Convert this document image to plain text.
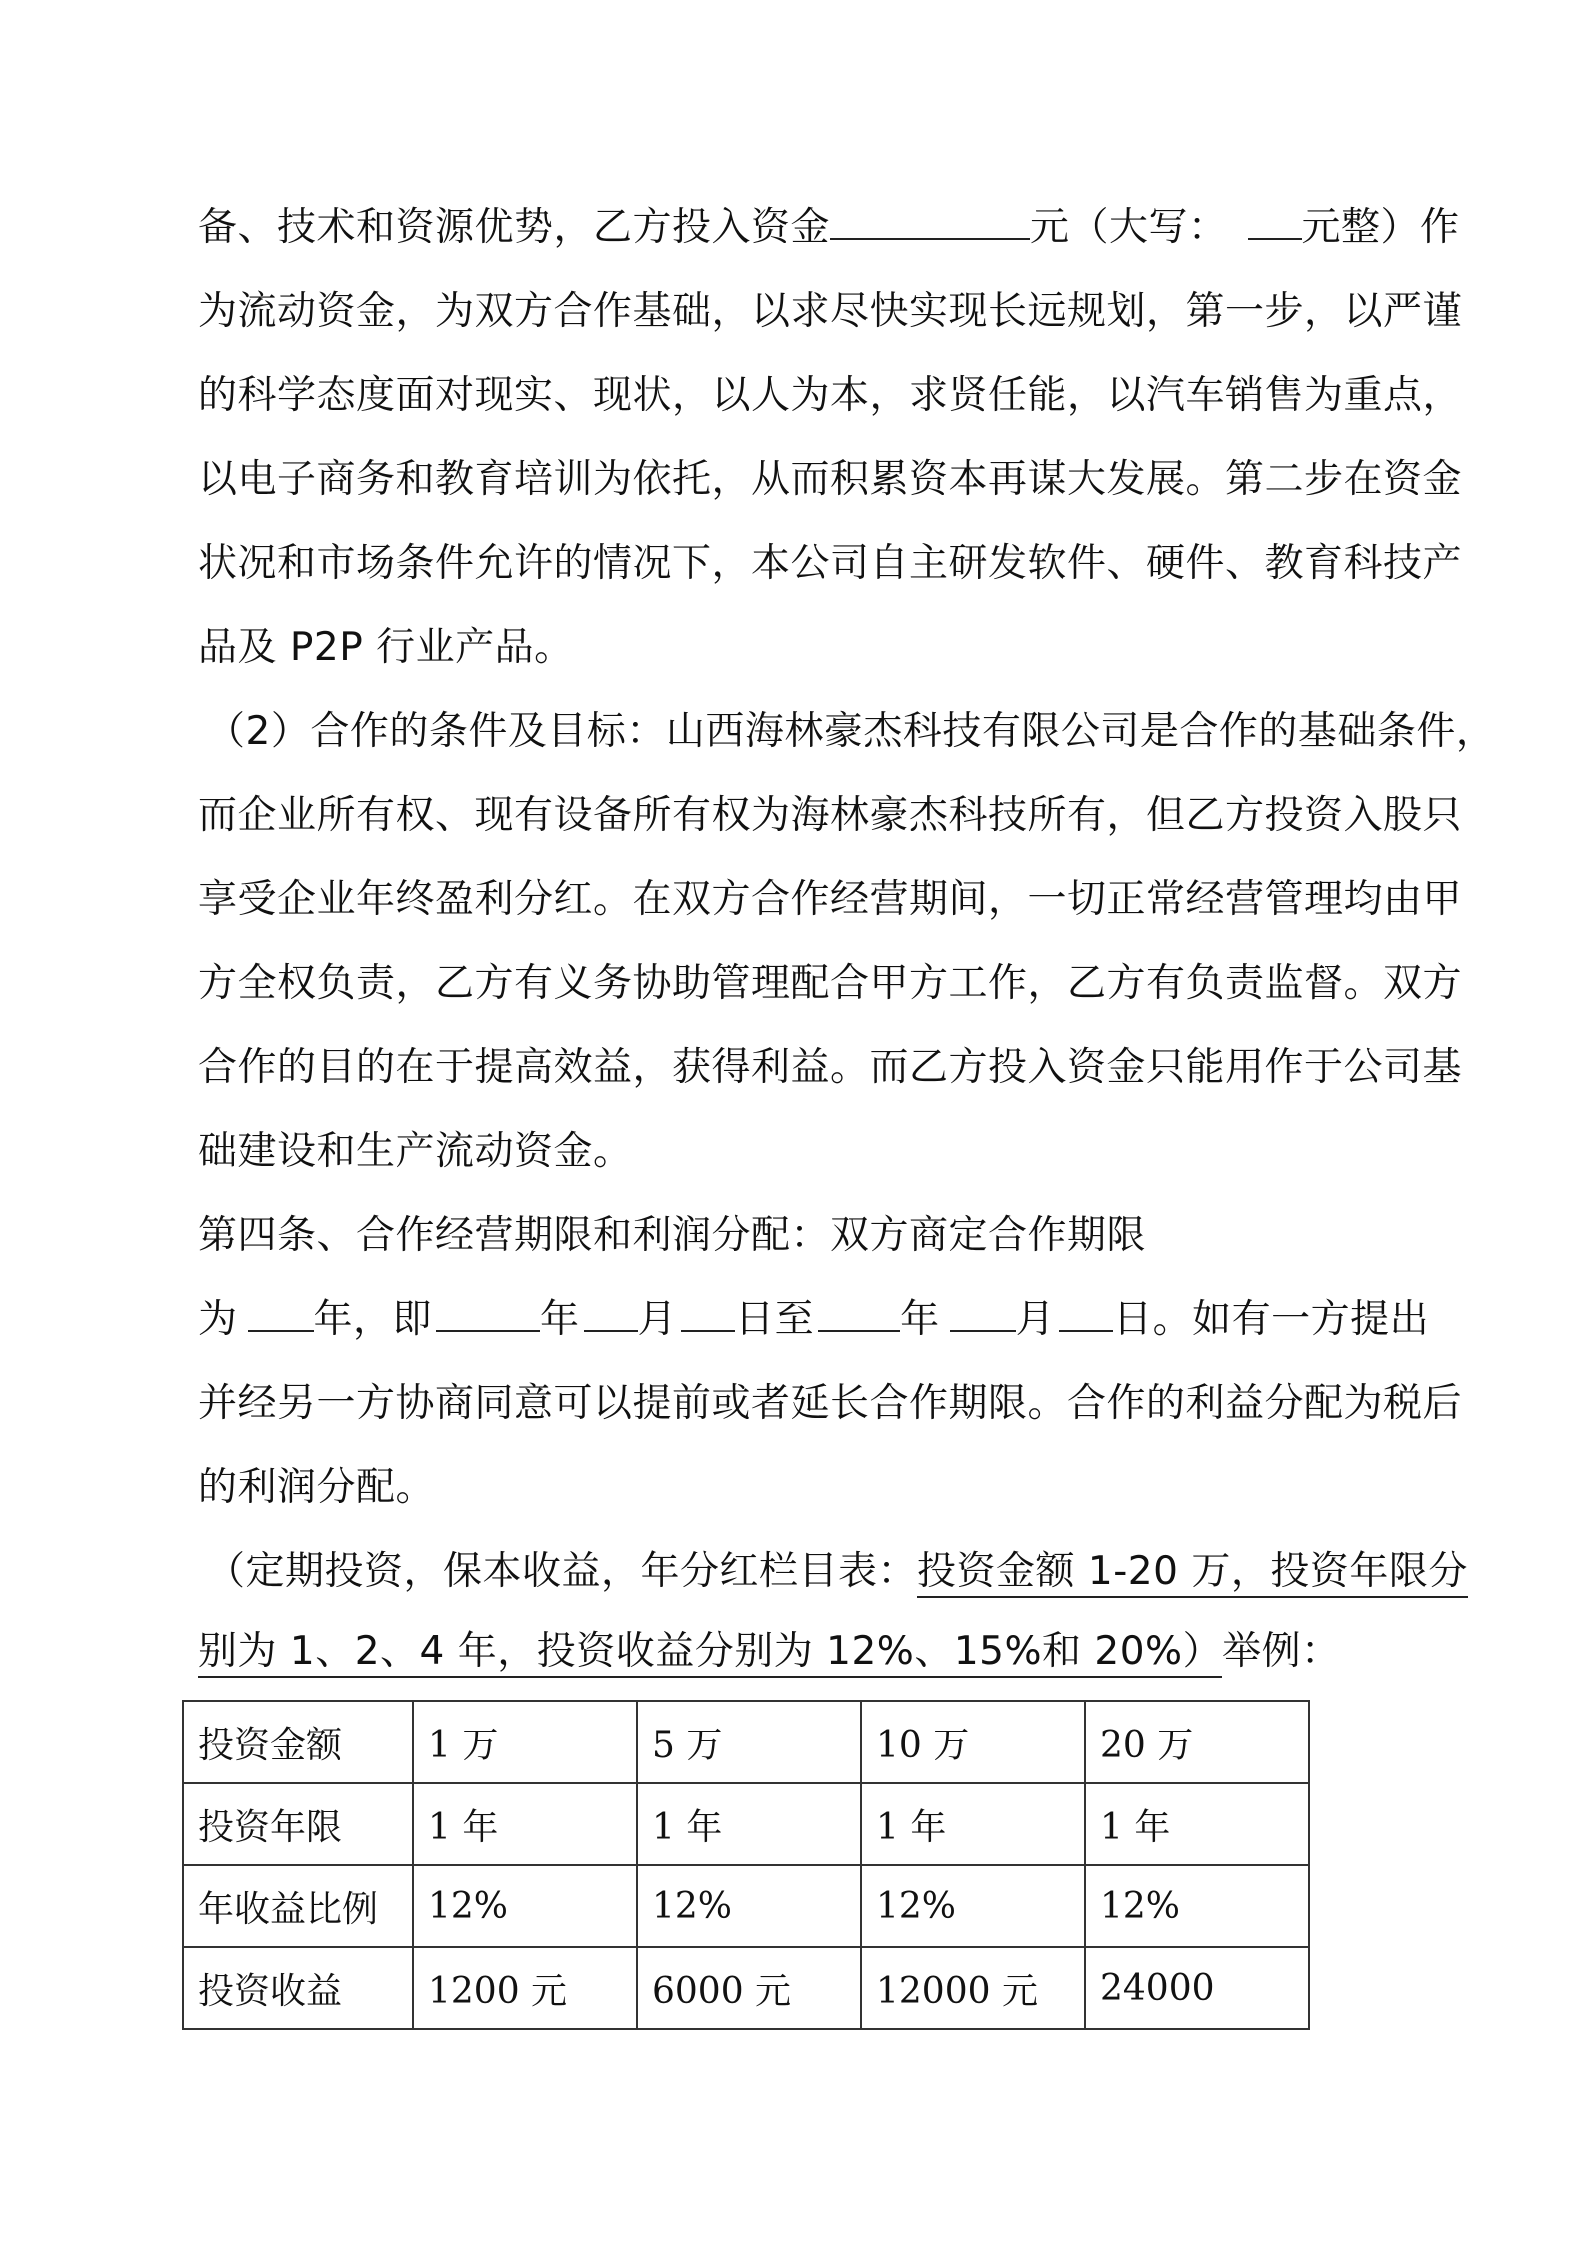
备、技术和资源优势，乙方投入资金	元（大写： 元整）作
为流动资金，为双方合作基础，以求尽快实现长远规划，第一步，以严谨
的科学态度面对现实、现状，以人为本，求贤任能，以汽车销售为重点，
以电子商务和教育培训为依托，从而积累资本再谋大发展。第二步在资金
状况和市场条件允许的情况下，本公司自主研发软件、硬件、教育科技产
品及 P2P 行业产品。
（2）合作的条件及目标：山西海林豪杰科技有限公司是合作的基础条件，
而企业所有权、现有设备所有权为海林豪杰科技所有，但乙方投资入股只
享受企业年终盈利分红。在双方合作经营期间，一切正常经营管理均由甲
方全权负责，乙方有义务协助管理配合甲方工作，乙方有负责监督。双方
合作的目的在于提高效益，获得利益。而乙方投入资金只能用作于公司基
础建设和生产流动资金。
第四条、合作经营期限和利润分配：双方商定合作期限
为 年，即	年 月 日至 年 月 日。如有一方提出
并经另一方协商同意可以提前或者延长合作期限。合作的利益分配为税后
的利润分配。
（定期投资，保本收益，年分红栏目表：投资金额 1-20 万，投资年限分
别为 1、2、4 年，投资收益分别为 12%、15%和 20%）举例：
投资金额	1 万	5 万	10 万	20 万
投资年限	1 年	1 年	1 年	1 年
年收益比例	12%	12%	12%	12%
投资收益	1200 元	6000 元	12000 元	24000
